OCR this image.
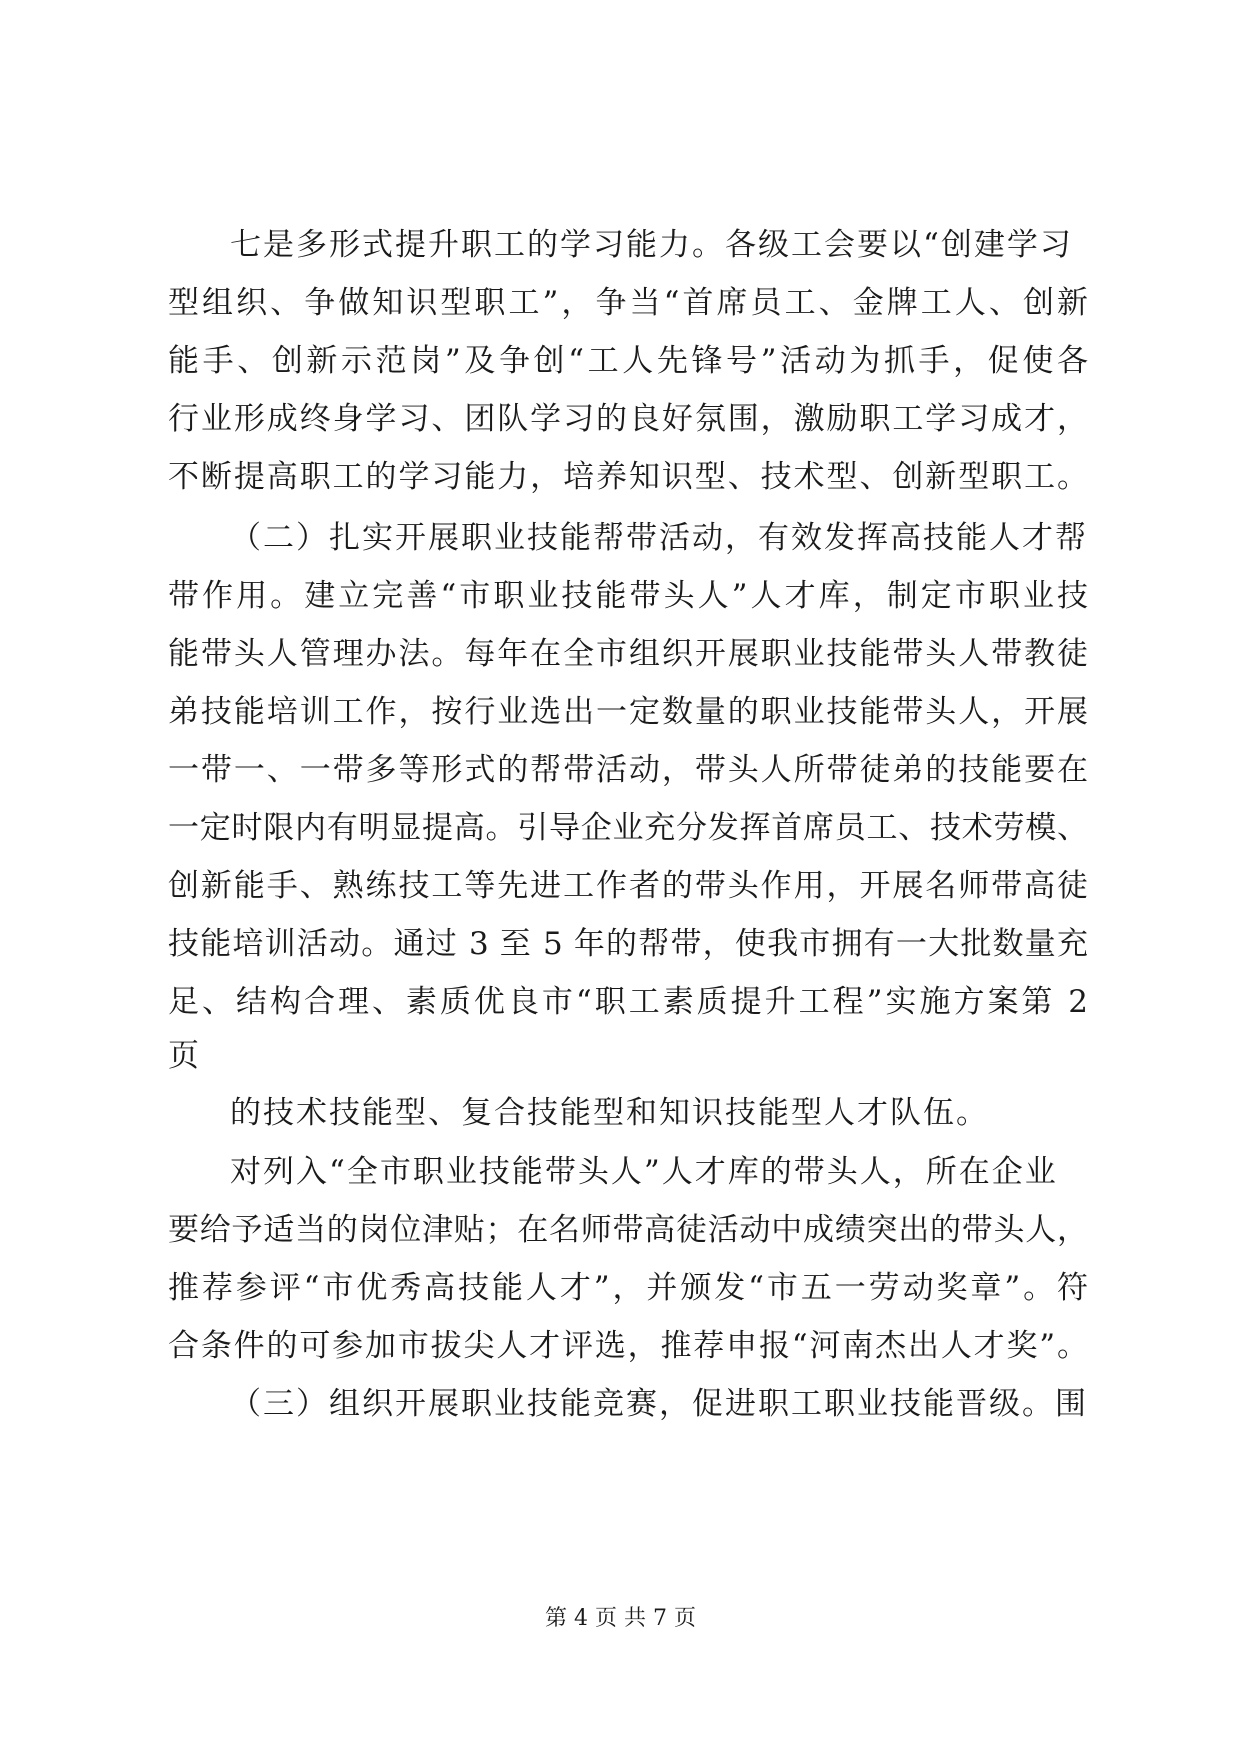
七是多形式提升职工的学习能力。各级工会要以“创建学习
型组织、争做知识型职工”，争当“首席员工、金牌工人、创新
能手、创新示范岗”及争创“工人先锋号”活动为抓手，促使各
行业形成终身学习、团队学习的良好氛围，激励职工学习成才，
不断提高职工的学习能力，培养知识型、技术型、创新型职工。
（二）扎实开展职业技能帮带活动，有效发挥高技能人才帮
带作用。建立完善“市职业技能带头人”人才库，制定市职业技
能带头人管理办法。每年在全市组织开展职业技能带头人带教徒
弟技能培训工作，按行业选出一定数量的职业技能带头人，开展
一带一、一带多等形式的帮带活动，带头人所带徒弟的技能要在
一定时限内有明显提高。引导企业充分发挥首席员工、技术劳模、
创新能手、熟练技工等先进工作者的带头作用，开展名师带高徒
技能培训活动。通过 3 至 5 年的帮带，使我市拥有一大批数量充
足、结构合理、素质优良市“职工素质提升工程”实施方案第 2
页
的技术技能型、复合技能型和知识技能型人才队伍。
对列入“全市职业技能带头人”人才库的带头人，所在企业
要给予适当的岗位津贴；在名师带高徒活动中成绩突出的带头人，
推荐参评“市优秀高技能人才”，并颁发“市五一劳动奖章”。符
合条件的可参加市拔尖人才评选，推荐申报“河南杰出人才奖”。
（三）组织开展职业技能竞赛，促进职工职业技能晋级。围
第 4 页 共 7 页
